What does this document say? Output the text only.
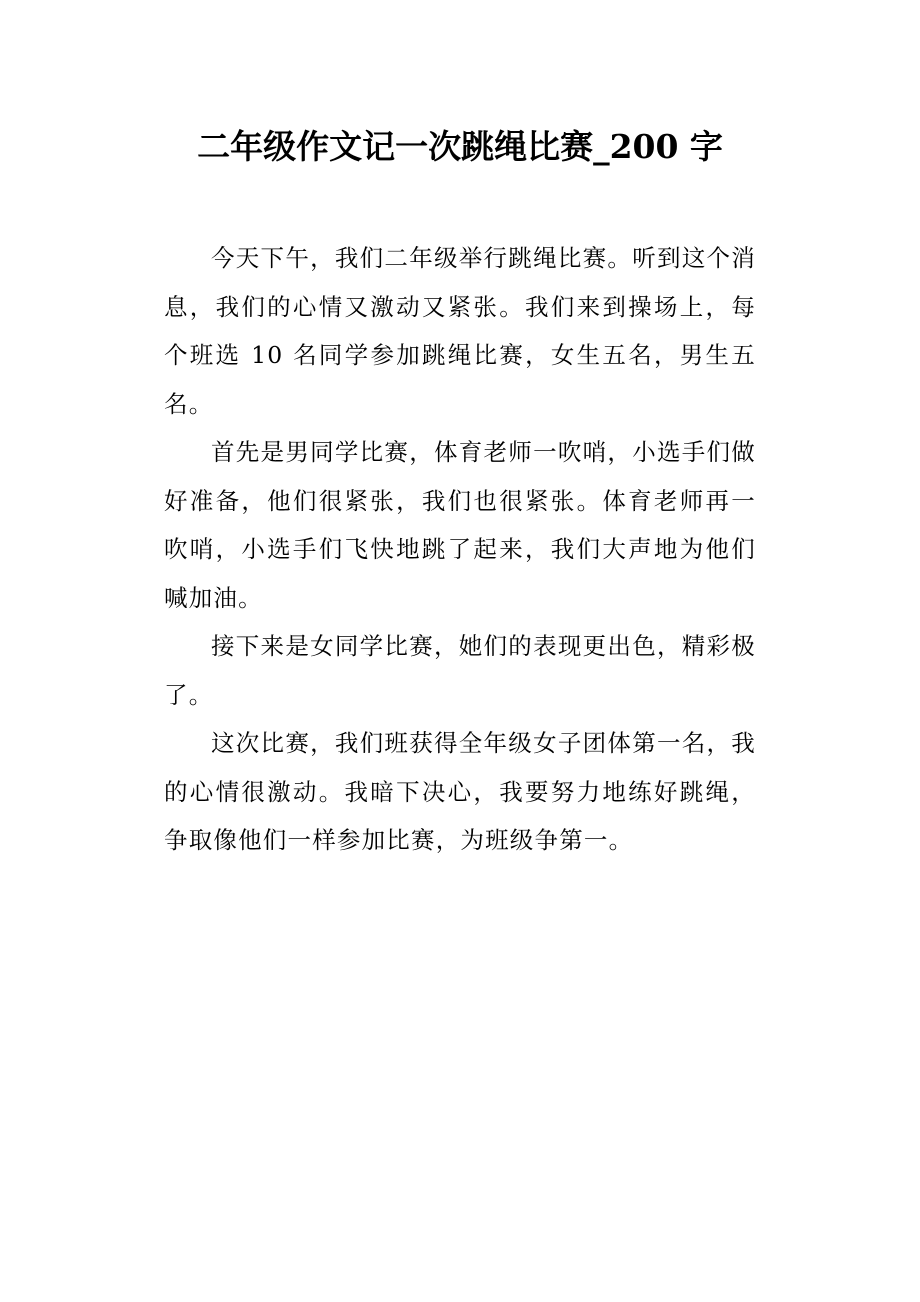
二年级作文记一次跳绳比赛_200 字

今天下午，我们二年级举行跳绳比赛。听到这个消息，我们的心情又激动又紧张。我们来到操场上，每个班选 10 名同学参加跳绳比赛，女生五名，男生五名。

首先是男同学比赛，体育老师一吹哨，小选手们做好准备，他们很紧张，我们也很紧张。体育老师再一吹哨，小选手们飞快地跳了起来，我们大声地为他们喊加油。

接下来是女同学比赛，她们的表现更出色，精彩极了。

这次比赛，我们班获得全年级女子团体第一名，我的心情很激动。我暗下决心，我要努力地练好跳绳，争取像他们一样参加比赛，为班级争第一。
